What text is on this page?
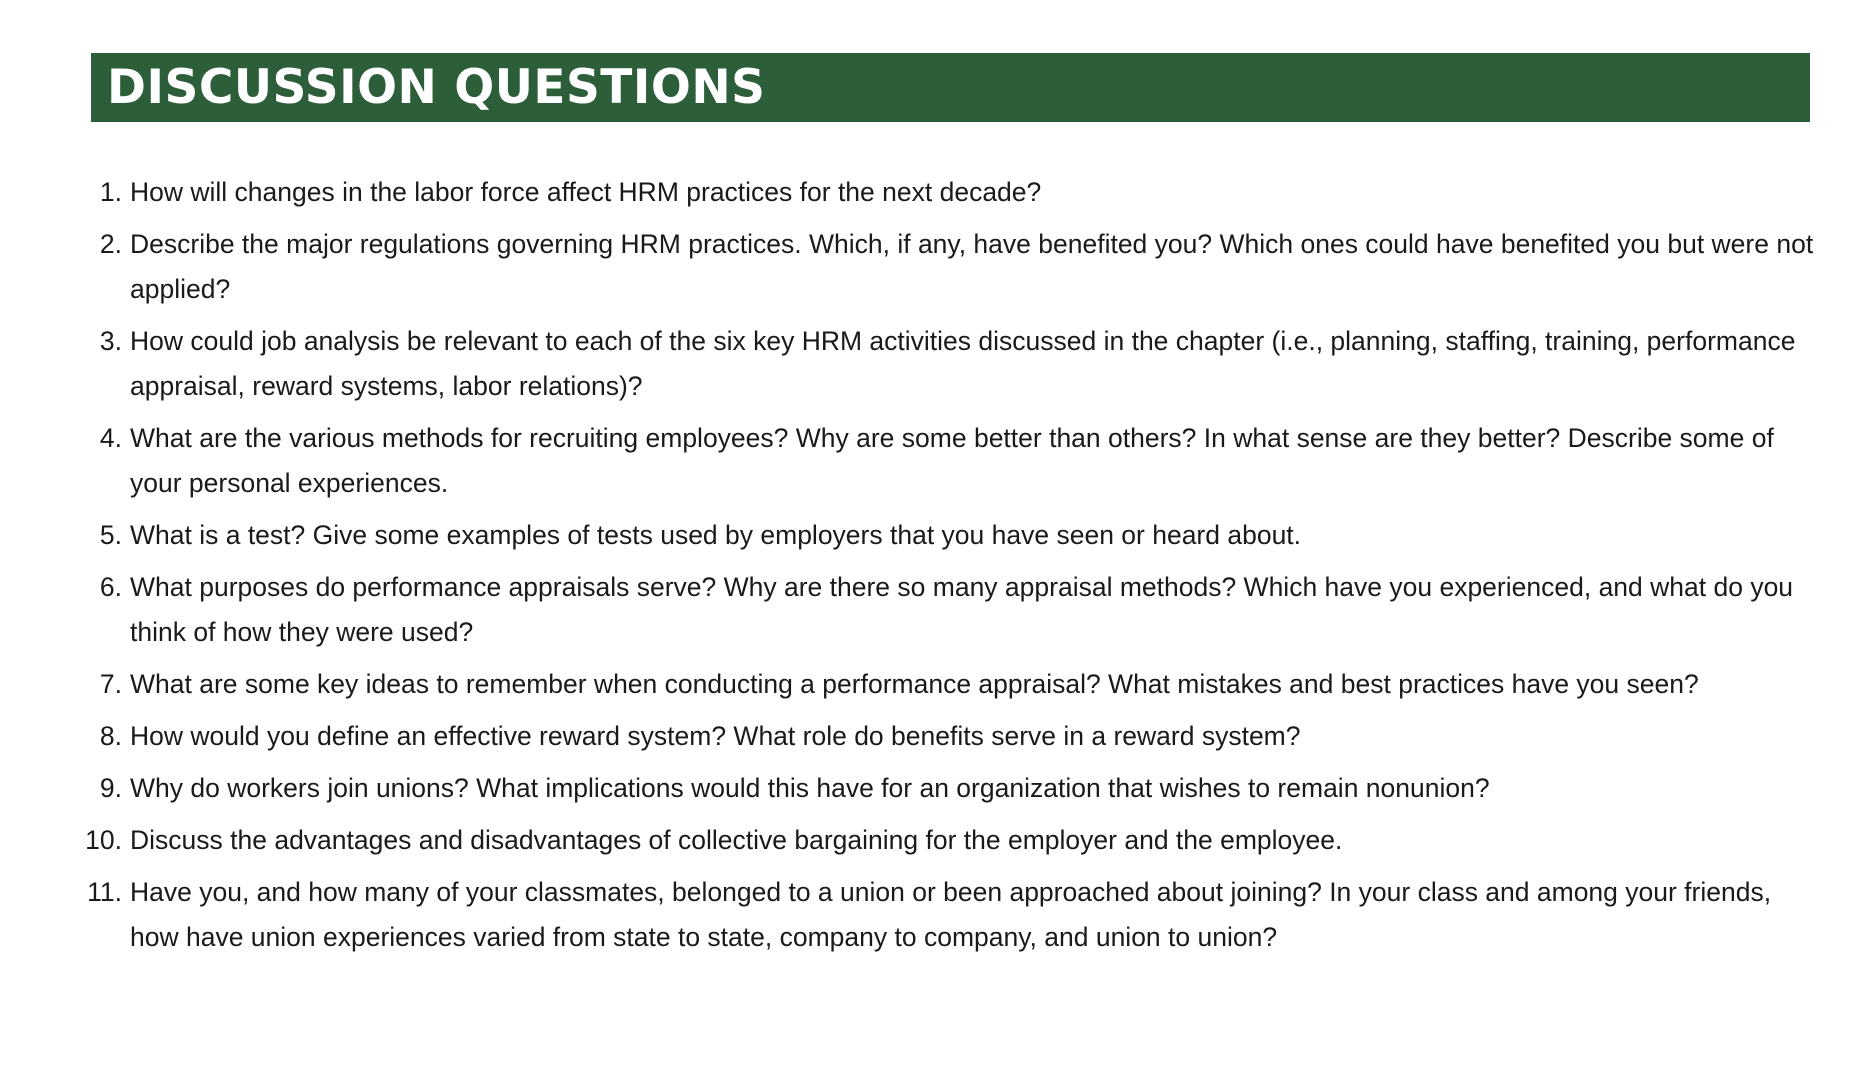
DISCUSSION QUESTIONS
1. How will changes in the labor force affect HRM practices for the next decade?
2. Describe the major regulations governing HRM practices. Which, if any, have benefited you? Which ones could have benefited you but were not applied?
3. How could job analysis be relevant to each of the six key HRM activities discussed in the chapter (i.e., planning, staffing, training, performance appraisal, reward systems, labor relations)?
4. What are the various methods for recruiting employees? Why are some better than others? In what sense are they better? Describe some of your personal experiences.
5. What is a test? Give some examples of tests used by employers that you have seen or heard about.
6. What purposes do performance appraisals serve? Why are there so many appraisal methods? Which have you experienced, and what do you think of how they were used?
7. What are some key ideas to remember when conducting a performance appraisal? What mistakes and best practices have you seen?
8. How would you define an effective reward system? What role do benefits serve in a reward system?
9. Why do workers join unions? What implications would this have for an organization that wishes to remain nonunion?
10. Discuss the advantages and disadvantages of collective bargaining for the employer and the employee.
11. Have you, and how many of your classmates, belonged to a union or been approached about joining? In your class and among your friends, how have union experiences varied from state to state, company to company, and union to union?
